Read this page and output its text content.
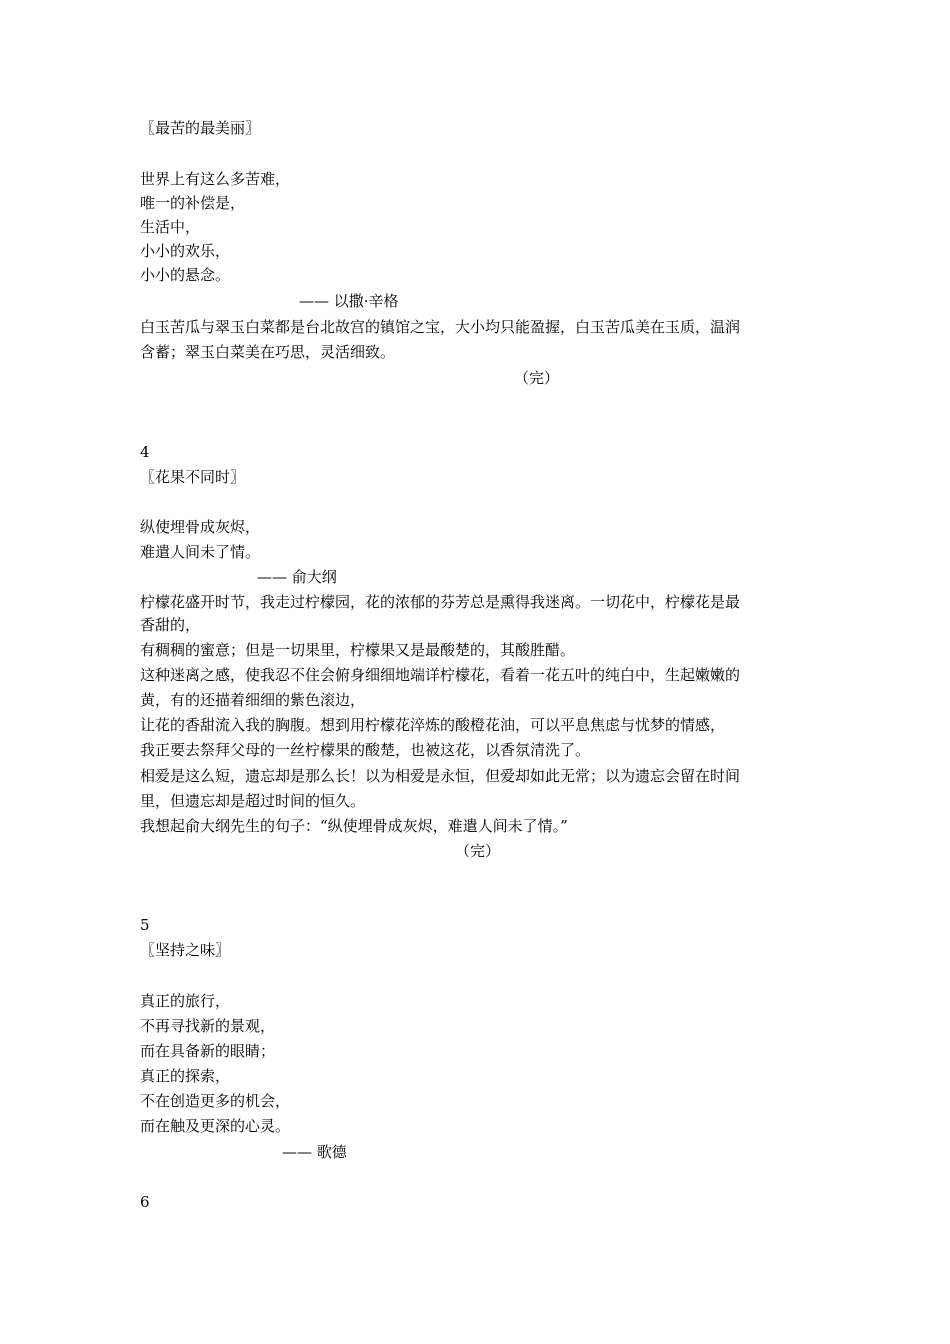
〖最苦的最美丽〗
世界上有这么多苦难，
唯一的补偿是，
生活中，
小小的欢乐，
小小的悬念。
—— 以撒·辛格
白玉苦瓜与翠玉白菜都是台北故宫的镇馆之宝，大小均只能盈握，白玉苦瓜美在玉质，温润
含蓄；翠玉白菜美在巧思，灵活细致。
（完）
4
〖花果不同时〗
纵使埋骨成灰烬，
难遣人间未了情。
—— 俞大纲
柠檬花盛开时节，我走过柠檬园，花的浓郁的芬芳总是熏得我迷离。一切花中，柠檬花是最
香甜的，
有稠稠的蜜意；但是一切果里，柠檬果又是最酸楚的，其酸胜醋。
这种迷离之感，使我忍不住会俯身细细地端详柠檬花，看着一花五叶的纯白中，生起嫩嫩的
黄，有的还描着细细的紫色滚边，
让花的香甜流入我的胸腹。想到用柠檬花淬炼的酸橙花油，可以平息焦虑与忧梦的情感，
我正要去祭拜父母的一丝柠檬果的酸楚，也被这花，以香氛清洗了。
相爱是这么短，遗忘却是那么长！以为相爱是永恒，但爱却如此无常；以为遗忘会留在时间
里，但遗忘却是超过时间的恒久。
我想起俞大纲先生的句子：“纵使埋骨成灰烬，难遣人间未了情。”
（完）
5
〖坚持之味〗
真正的旅行，
不再寻找新的景观，
而在具备新的眼睛；
真正的探索，
不在创造更多的机会，
而在触及更深的心灵。
—— 歌德
6
